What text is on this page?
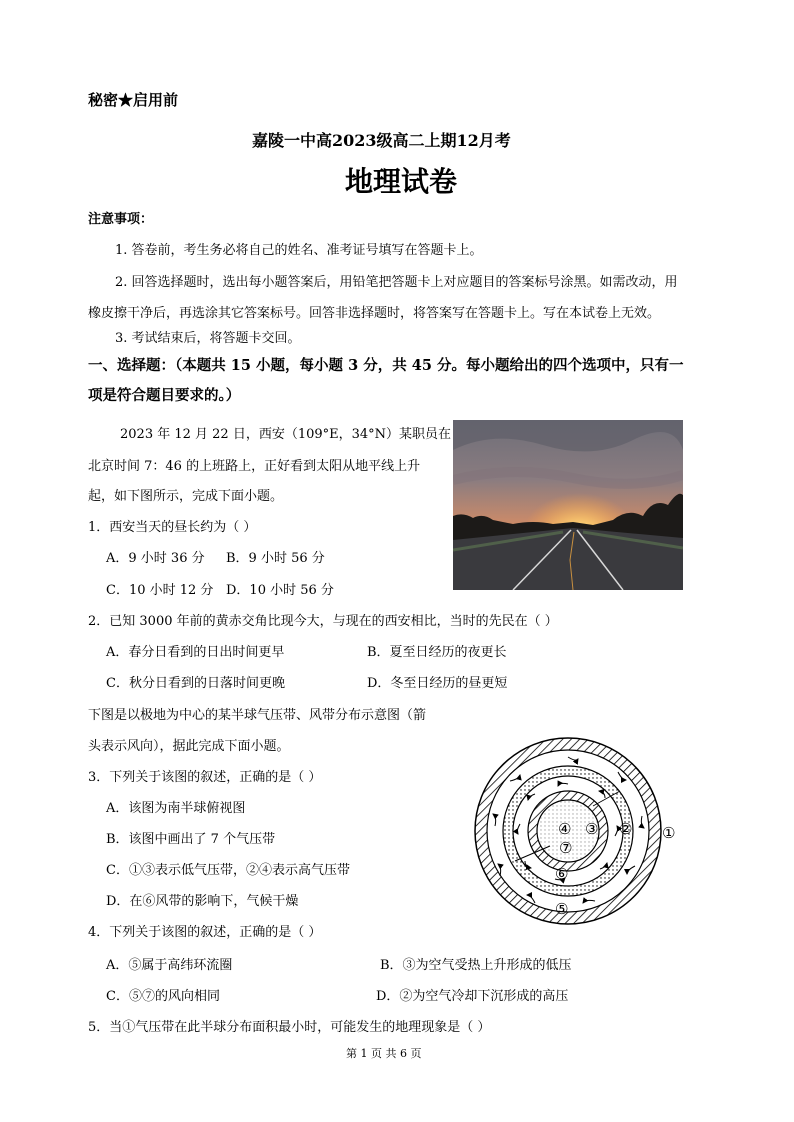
秘密★启用前
嘉陵一中高2023级高二上期12月考
地理试卷
注意事项：
1. 答卷前，考生务必将自己的姓名、准考证号填写在答题卡上。
2. 回答选择题时，选出每小题答案后，用铅笔把答题卡上对应题目的答案标号涂黑。如需改动，用
橡皮擦干净后，再选涂其它答案标号。回答非选择题时，将答案写在答题卡上。写在本试卷上无效。
3. 考试结束后，将答题卡交回。
一、选择题：（本题共 15 小题，每小题 3 分，共 45 分。每小题给出的四个选项中，只有一
项是符合题目要求的。）
2023 年 12 月 22 日，西安（109°E，34°N）某职员在
北京时间 7：46 的上班路上，正好看到太阳从地平线上升
起，如下图所示，完成下面小题。
1．西安当天的昼长约为（ ）
A．9 小时 36 分 B．9 小时 56 分
C．10 小时 12 分 D．10 小时 56 分
2．已知 3000 年前的黄赤交角比现今大，与现在的西安相比，当时的先民在（ ）
A．春分日看到的日出时间更早	B．夏至日经历的夜更长
C．秋分日看到的日落时间更晚	D．冬至日经历的昼更短
下图是以极地为中心的某半球气压带、风带分布示意图（箭
头表示风向），据此完成下面小题。
3．下列关于该图的叙述，正确的是（ ）
A．该图为南半球俯视图
B．该图中画出了 7 个气压带
C．①③表示低气压带，②④表示高气压带
D．在⑥风带的影响下，气候干燥
①
②
③
④
⑤
⑥
⑦
4．下列关于该图的叙述，正确的是（ ）
A．⑤属于高纬环流圈	B．③为空气受热上升形成的低压
C．⑤⑦的风向相同	D．②为空气冷却下沉形成的高压
5．当①气压带在此半球分布面积最小时，可能发生的地理现象是（ ）
第 1 页 共 6 页
